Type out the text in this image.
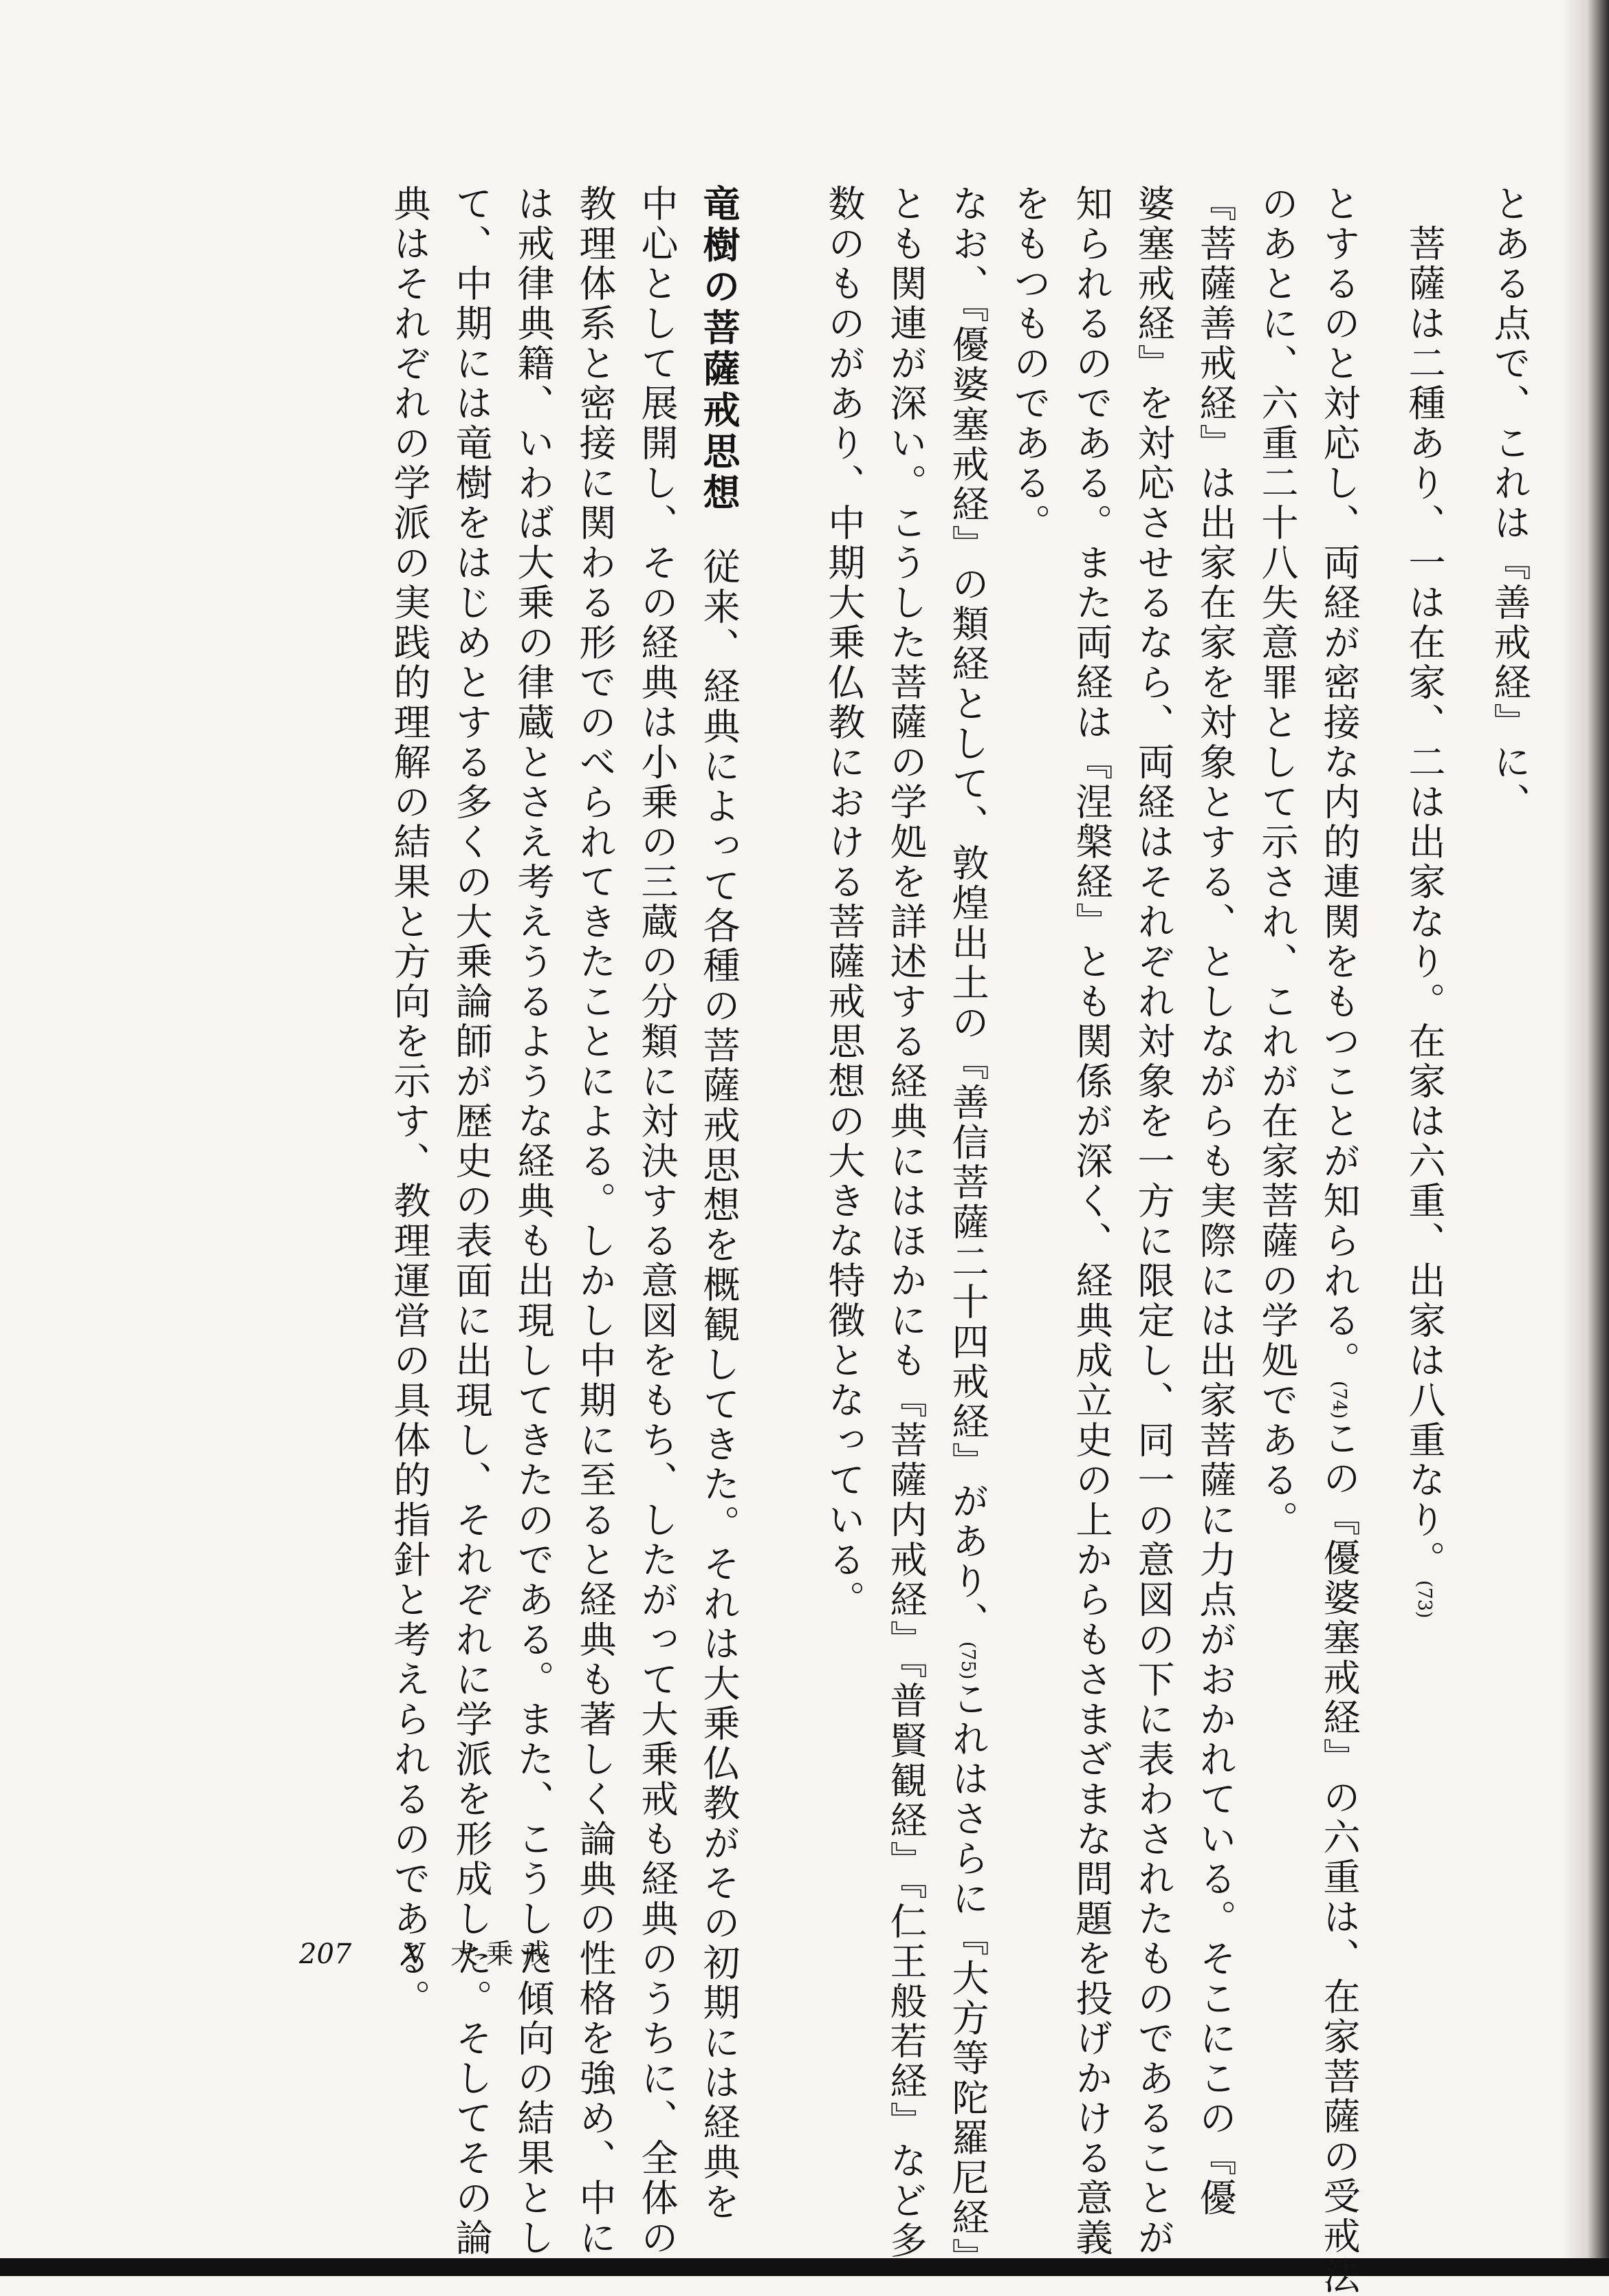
とある点で、これは『善戒経』に、

菩薩は二種あり、一は在家、二は出家なり。在家は六重、出家は八重なり。(73)

とするのと対応し、両経が密接な内的連関をもつことが知られる。(74)この『優婆塞戒経』の六重は、在家菩薩の受戒法

のあとに、六重二十八失意罪として示され、これが在家菩薩の学処である。

『菩薩善戒経』は出家在家を対象とする、としながらも実際には出家菩薩に力点がおかれている。そこにこの『優

婆塞戒経』を対応させるなら、両経はそれぞれ対象を一方に限定し、同一の意図の下に表わされたものであることが

知られるのである。また両経は『涅槃経』とも関係が深く、経典成立史の上からもさまざまな問題を投げかける意義

をもつものである。

なお、『優婆塞戒経』の類経として、敦煌出土の『善信菩薩二十四戒経』があり、(75)これはさらに『大方等陀羅尼経』

とも関連が深い。こうした菩薩の学処を詳述する経典にはほかにも『菩薩内戒経』『普賢観経』『仁王般若経』など多

数のものがあり、中期大乗仏教における菩薩戒思想の大きな特徴となっている。

竜樹の菩薩戒思想従来、経典によって各種の菩薩戒思想を概観してきた。それは大乗仏教がその初期には経典を

中心として展開し、その経典は小乗の三蔵の分類に対決する意図をもち、したがって大乗戒も経典のうちに、全体の

教理体系と密接に関わる形でのべられてきたことによる。しかし中期に至ると経典も著しく論典の性格を強め、中に

は戒律典籍、いわば大乗の律蔵とさえ考えうるような経典も出現してきたのである。また、こうした傾向の結果とし

て、中期には竜樹をはじめとする多くの大乗論師が歴史の表面に出現し、それぞれに学派を形成した。そしてその論

典はそれぞれの学派の実践的理解の結果と方向を示す、教理運営の具体的指針と考えられるのである。

207 V 大乗戒
